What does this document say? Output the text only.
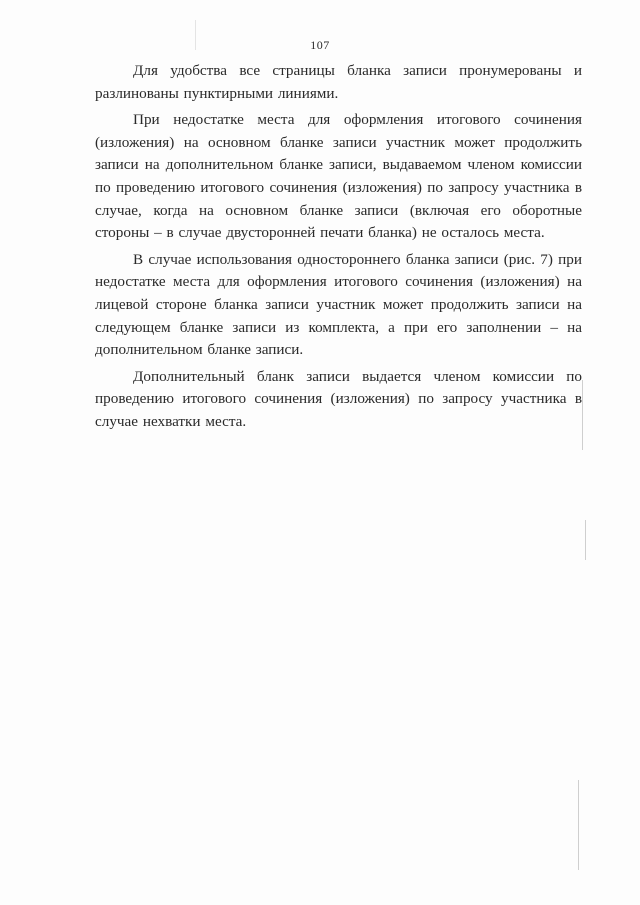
107

Для удобства все страницы бланка записи пронумерованы и разлинованы пунктирными линиями.

При недостатке места для оформления итогового сочинения (изложения) на основном бланке записи участник может продолжить записи на дополнительном бланке записи, выдаваемом членом комиссии по проведению итогового сочинения (изложения) по запросу участника в случае, когда на основном бланке записи (включая его оборотные стороны – в случае двусторонней печати бланка) не осталось места.

В случае использования одностороннего бланка записи (рис. 7) при недостатке места для оформления итогового сочинения (изложения) на лицевой стороне бланка записи участник может продолжить записи на следующем бланке записи из комплекта, а при его заполнении – на дополнительном бланке записи.

Дополнительный бланк записи выдается членом комиссии по проведению итогового сочинения (изложения) по запросу участника в случае нехватки места.
